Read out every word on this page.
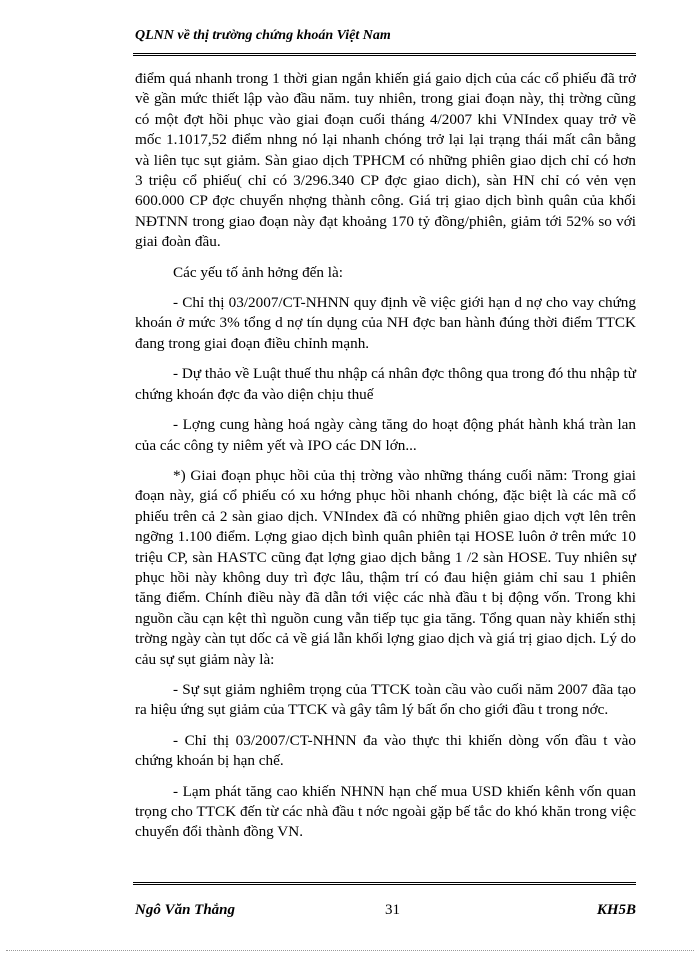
QLNN về thị trường chứng khoán Việt Nam

điểm quá nhanh trong 1 thời gian ngắn khiến giá gaio dịch của các cổ phiếu đã trở về gần mức thiết lập vào đầu năm. tuy nhiên, trong giai đoạn này, thị trờng cũng có một đợt hồi phục vào giai đoạn cuối tháng 4/2007 khi VNIndex quay trở về mốc 1.1017,52 điểm nhng nó lại nhanh chóng trở lại lại trạng thái mất cân bằng và liên tục sụt giảm. Sàn giao dịch TPHCM có những phiên giao dịch chỉ có hơn 3 triệu cổ phiếu( chỉ có 3/296.340 CP đợc giao dich), sàn HN chỉ có vẻn vẹn 600.000 CP đợc chuyển nhợng thành công. Giá trị giao dịch bình quân của khối NĐTNN trong giao đoạn này đạt khoảng 170 tỷ đồng/phiên, giảm tới 52% so với giai đoàn đầu.

Các yếu tố ảnh hởng đến là:

- Chỉ thị 03/2007/CT-NHNN quy định về việc giới hạn d nợ cho vay chứng khoán ở mức 3% tổng d nợ tín dụng của NH đợc ban hành đúng thời điểm TTCK đang trong giai đoạn điều chỉnh mạnh.

- Dự thảo về Luật thuế thu nhập cá nhân đợc thông qua trong đó thu nhập từ chứng khoán đợc đa vào diện chịu thuế

- Lợng cung hàng hoá ngày càng tăng do hoạt động phát hành khá tràn lan của các công ty niêm yết và IPO các DN lớn...

*) Giai đoạn phục hồi của thị trờng vào những tháng cuối năm: Trong giai đoạn này, giá cổ phiếu có xu hớng phục hồi nhanh chóng, đặc biệt là các mã cổ phiếu trên cả 2 sàn giao dịch. VNIndex đã có những phiên giao dịch vợt lên trên ngỡng 1.100 điểm. Lợng giao dịch bình quân phiên tại HOSE luôn ở trên mức 10 triệu CP, sàn HASTC cũng đạt lợng giao dịch bằng 1 /2 sàn HOSE. Tuy nhiên sự phục hồi này không duy trì đợc lâu, thậm trí có đau hiện giảm chỉ sau 1 phiên tăng điểm. Chính điều này đã dẫn tới việc các nhà đầu t bị động vốn. Trong khi nguồn cầu cạn kệt thì nguồn cung vẫn tiếp tục gia tăng. Tổng quan này khiến sthị trờng ngày càn tụt dốc cả về giá lẫn khối lợng giao dịch và giá trị giao dịch. Lý do cảu sự sụt giảm này là:

- Sự sụt giảm nghiêm trọng của TTCK toàn cầu vào cuối năm 2007 đãa tạo ra hiệu ứng sụt giảm của TTCK và gây tâm lý bất ổn cho giới đầu t trong nớc.

- Chỉ thị 03/2007/CT-NHNN đa vào thực thi khiến dòng vốn đầu t vào chứng khoán bị hạn chế.

- Lạm phát tăng cao khiến NHNN hạn chế mua USD khiến kênh vốn quan trọng cho TTCK đến từ các nhà đầu t nớc ngoài gặp bế tắc do khó khăn trong việc chuyển đổi thành đồng VN.

Ngô Văn Thắng	31	KH5B
